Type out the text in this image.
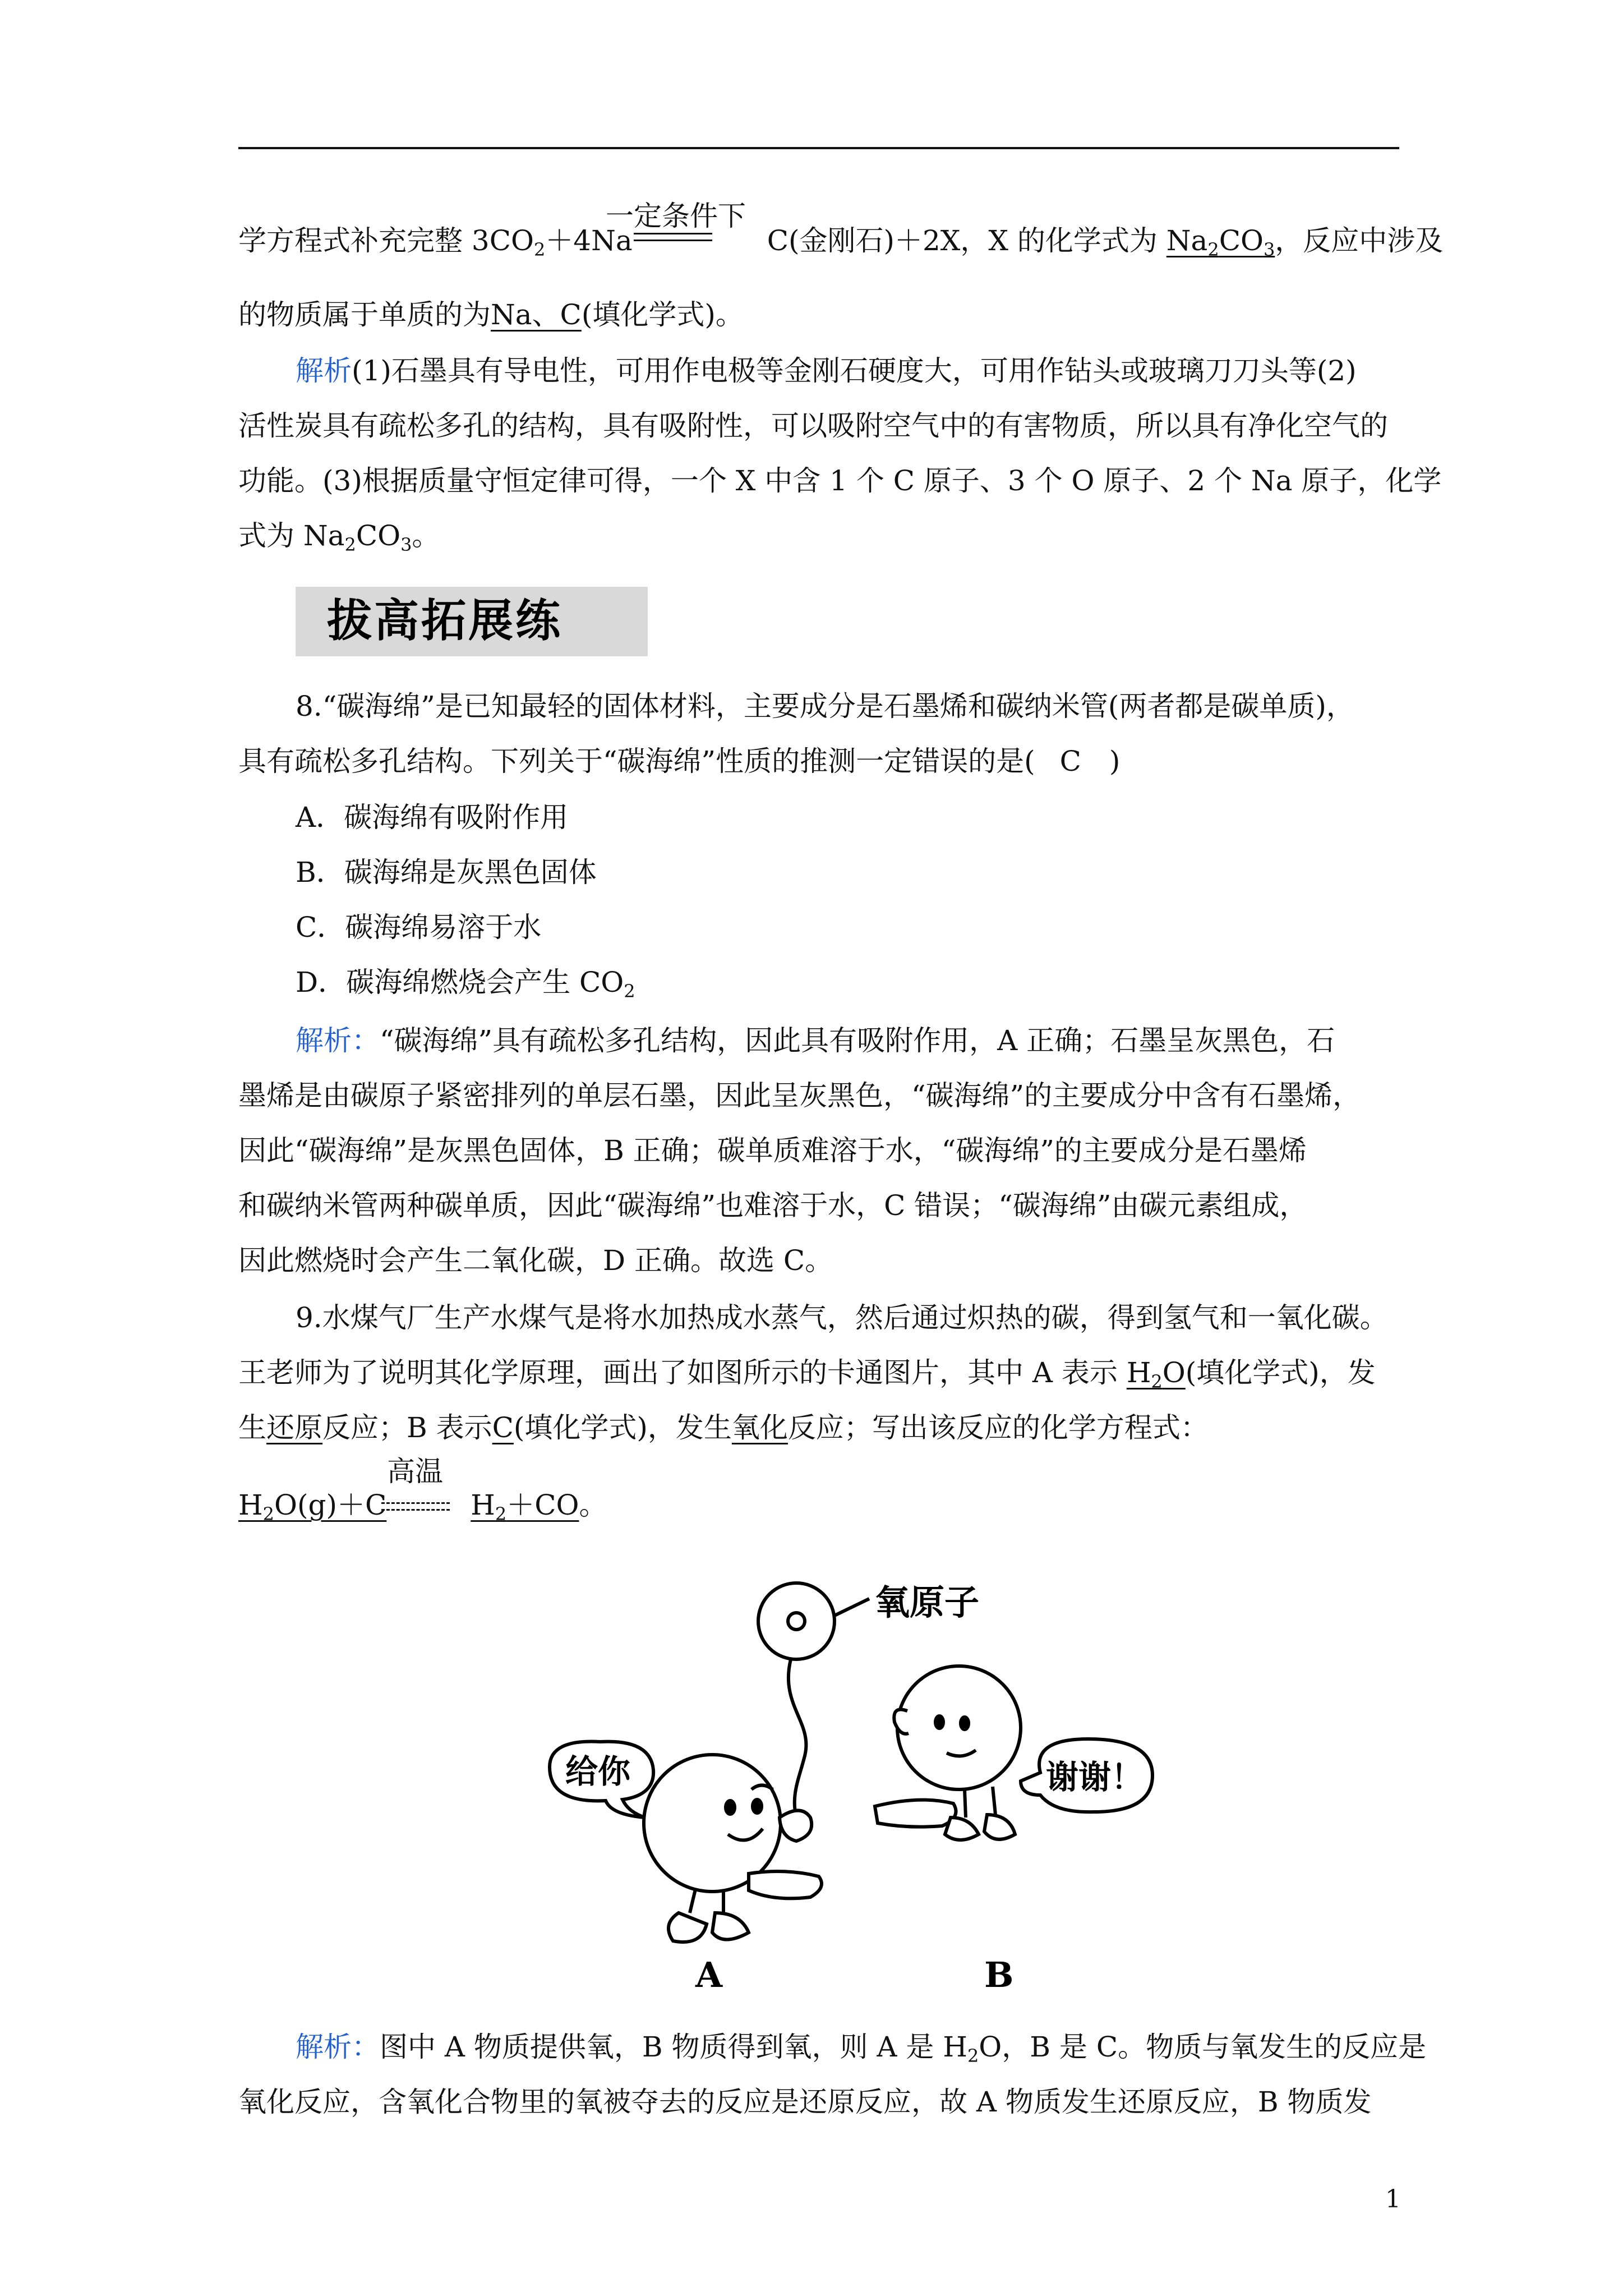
一定条件下
学方程式补充完整 $3CO_2+4Na$	C(金刚石)＋2X，X 的化学式为 $Na_2CO_3$，反应中涉及
的物质属于单质的为Na、C(填化学式)。
解析(1)石墨具有导电性，可用作电极等金刚石硬度大，可用作钻头或玻璃刀刀头等(2)
活性炭具有疏松多孔的结构，具有吸附性，可以吸附空气中的有害物质，所以具有净化空气的
功能。(3)根据质量守恒定律可得，一个 X 中含 1 个 C 原子、3 个 O 原子、2 个 Na 原子，化学
式为 $Na_2CO_3$。
拔高拓展练
8.“碳海绵”是已知最轻的固体材料，主要成分是石墨烯和碳纳米管(两者都是碳单质)，
具有疏松多孔结构。下列关于“碳海绵”性质的推测一定错误的是( C )
A．碳海绵有吸附作用
B．碳海绵是灰黑色固体
C．碳海绵易溶于水
D．碳海绵燃烧会产生 $CO_2$
解析：“碳海绵”具有疏松多孔结构，因此具有吸附作用，A 正确；石墨呈灰黑色，石
墨烯是由碳原子紧密排列的单层石墨，因此呈灰黑色，“碳海绵”的主要成分中含有石墨烯，
因此“碳海绵”是灰黑色固体，B 正确；碳单质难溶于水，“碳海绵”的主要成分是石墨烯
和碳纳米管两种碳单质，因此“碳海绵”也难溶于水，C 错误；“碳海绵”由碳元素组成，
因此燃烧时会产生二氧化碳，D 正确。故选 C。
9.水煤气厂生产水煤气是将水加热成水蒸气，然后通过炽热的碳，得到氢气和一氧化碳。
王老师为了说明其化学原理，画出了如图所示的卡通图片，其中 A 表示 $H_2O$(填化学式)，发
生还原反应；B 表示C(填化学式)，发生氧化反应；写出该反应的化学方程式：
高温
$H_2O(g)+C$	$H_2+CO$。
氧原子
给你	谢谢！
A	B
解析：图中 A 物质提供氧，B 物质得到氧，则 A 是 $H_2O$，B 是 C。物质与氧发生的反应是
氧化反应，含氧化合物里的氧被夺去的反应是还原反应，故 A 物质发生还原反应，B 物质发
1
